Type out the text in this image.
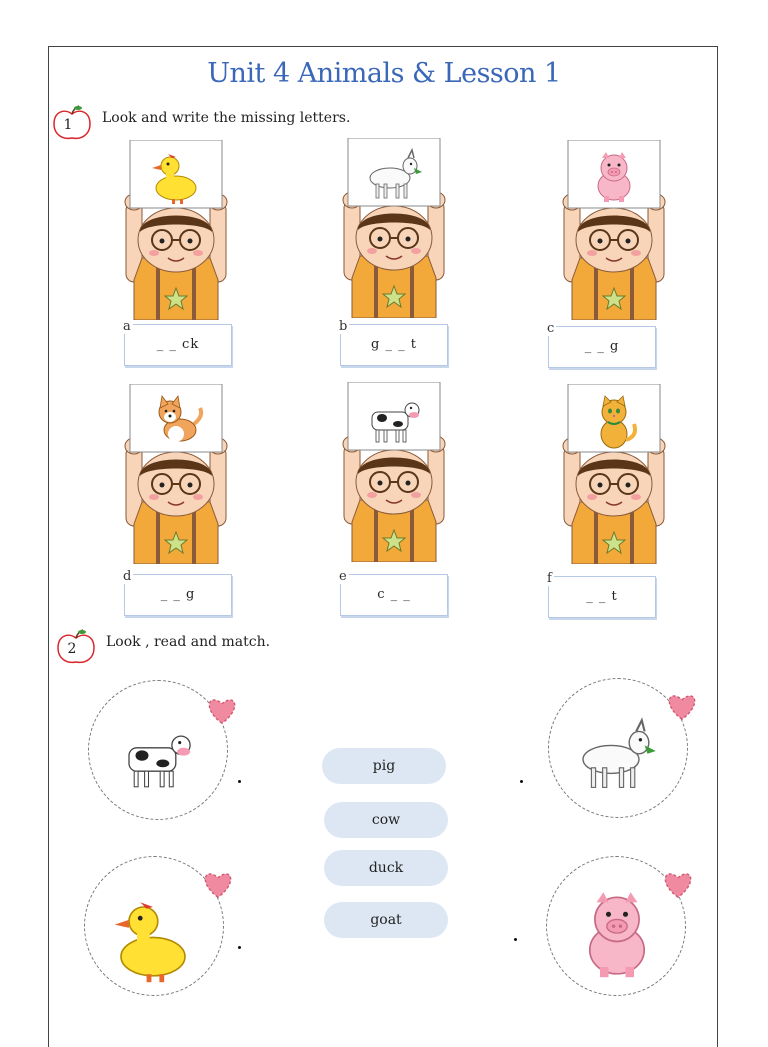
Unit 4 Animals & Lesson 1
1	Look and write the missing letters.
a
_ _ ck
b
g _ _ t
c
_ _ g
d
_ _ g
e
c _ _
f
_ _ t
2	Look , read and match.
pig
cow
duck
goat
